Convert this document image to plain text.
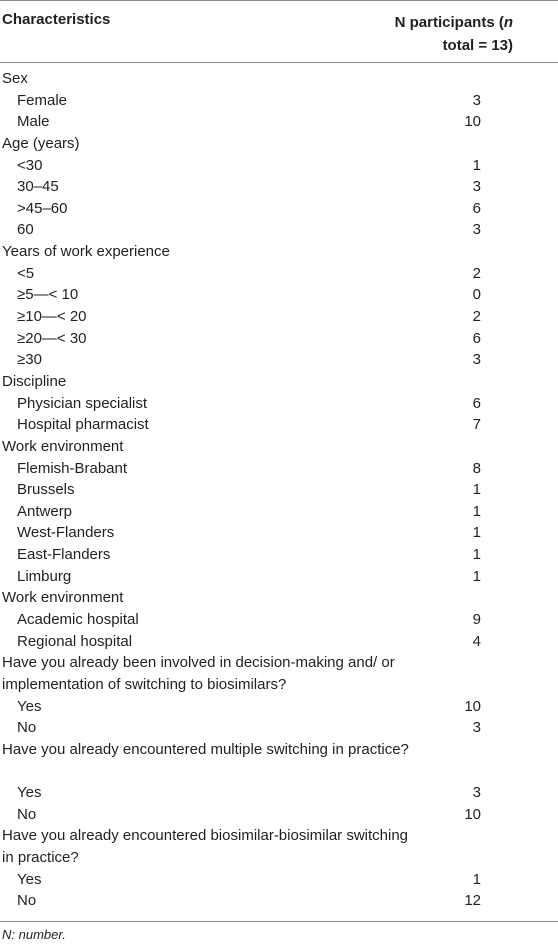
Characteristics	N participants (n
total = 13)
Sex
Female	3
Male	10
Age (years)
<30	1
30–45	3
>45–60	6
60	3
Years of work experience
<5	2
≥5—< 10	0
≥10—< 20	2
≥20—< 30	6
≥30	3
Discipline
Physician specialist	6
Hospital pharmacist	7
Work environment
Flemish-Brabant	8
Brussels	1
Antwerp	1
West-Flanders	1
East-Flanders	1
Limburg	1
Work environment
Academic hospital	9
Regional hospital	4
Have you already been involved in decision-making and/ or implementation of switching to biosimilars?
Yes	10
No	3
Have you already encountered multiple switching in practice?
Yes	3
No	10
Have you already encountered biosimilar-biosimilar switching in practice?
Yes	1
No	12
N: number.
